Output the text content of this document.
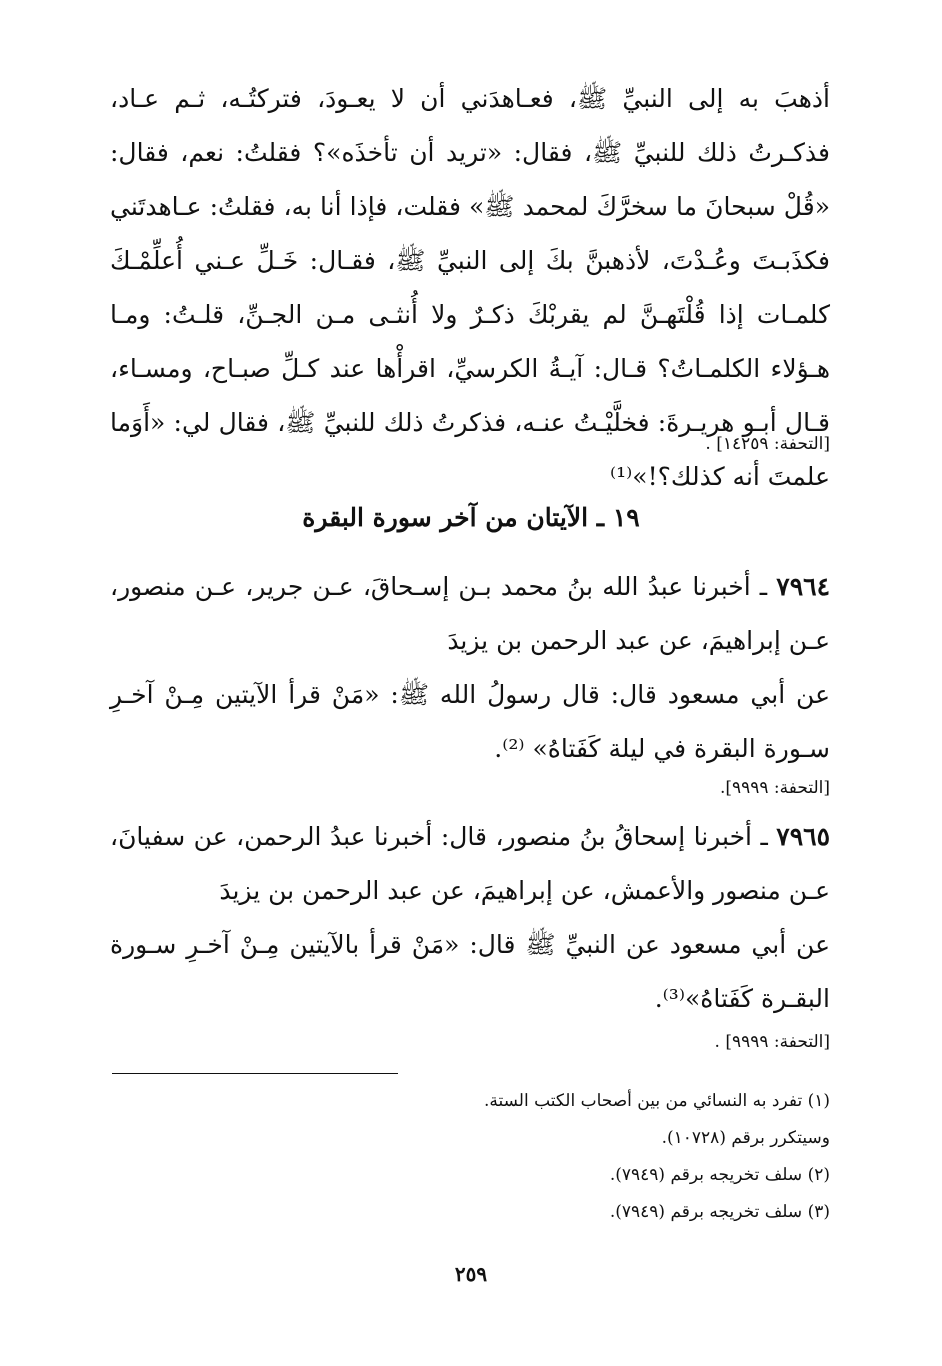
أذهبَ به إلى النبيِّ ﷺ، فعـاهدَني أن لا يعـودَ، فتركتُـه، ثـم عـاد، فذكـرتُ ذلك للنبيِّ ﷺ، فقال: «تريد أن تأخذَه»؟ فقلتُ: نعم، فقال: «قُلْ سبحانَ ما سخرَّكَ لمحمد ﷺ» فقلت، فإذا أنا به، فقلتُ: عـاهدتَني فكذَبـتَ وعُـدْتَ، لأذهبنَّ بكَ إلى النبيِّ ﷺ، فقـال: خَـلِّ عـني أُعلِّمْـكَ كلمـات إذا قُلْتَهـنَّ لم يقربْكَ ذكـرٌ ولا أُنثـى مـن الجـنِّ، قلـتُ: ومـا هـؤلاء الكلمـاتُ؟ قـال: آيـةُ الكرسيِّ، اقرأْها عند كـلِّ صبـاح، ومسـاء، قـال أبـو هريـرةَ: فخلَّيْـتُ عنـه، فذكرتُ ذلك للنبيِّ ﷺ، فقال لي: «أَوَما علمتَ أنه كذلك؟!»⁽¹⁾

[التحفة: ١٤٢٥٩] .
١٩ ـ الآيتان من آخر سورة البقرة

٧٩٦٤ ـ أخبرنا عبدُ الله بنُ محمد بـن إسـحاقَ، عـن جرير، عـن منصور، عـن إبراهيمَ، عن عبد الرحمن بن يزيدَ

عن أبي مسعود قال: قال رسولُ الله ﷺ: «مَنْ قرأ الآيتين مِـنْ آخـرِ سـورة البقرة في ليلة كَفَتاهُ» ⁽²⁾.

[التحفة: ٩٩٩٩].

٧٩٦٥ ـ أخبرنا إسحاقُ بنُ منصور، قال: أخبرنا عبدُ الرحمن، عن سفيانَ، عـن منصور والأعمش، عن إبراهيمَ، عن عبد الرحمن بن يزيدَ

عن أبي مسعود عن النبيِّ ﷺ قال: «مَنْ قرأ بالآيتين مِـنْ آخـرِ سـورة البقـرة كَفَتاهُ»⁽³⁾.

[التحفة: ٩٩٩٩] .
(١) تفرد به النسائي من بين أصحاب الكتب الستة.
وسيتكرر برقم (١٠٧٢٨).
(٢) سلف تخريجه برقم (٧٩٤٩).
(٣) سلف تخريجه برقم (٧٩٤٩).
٢٥٩
